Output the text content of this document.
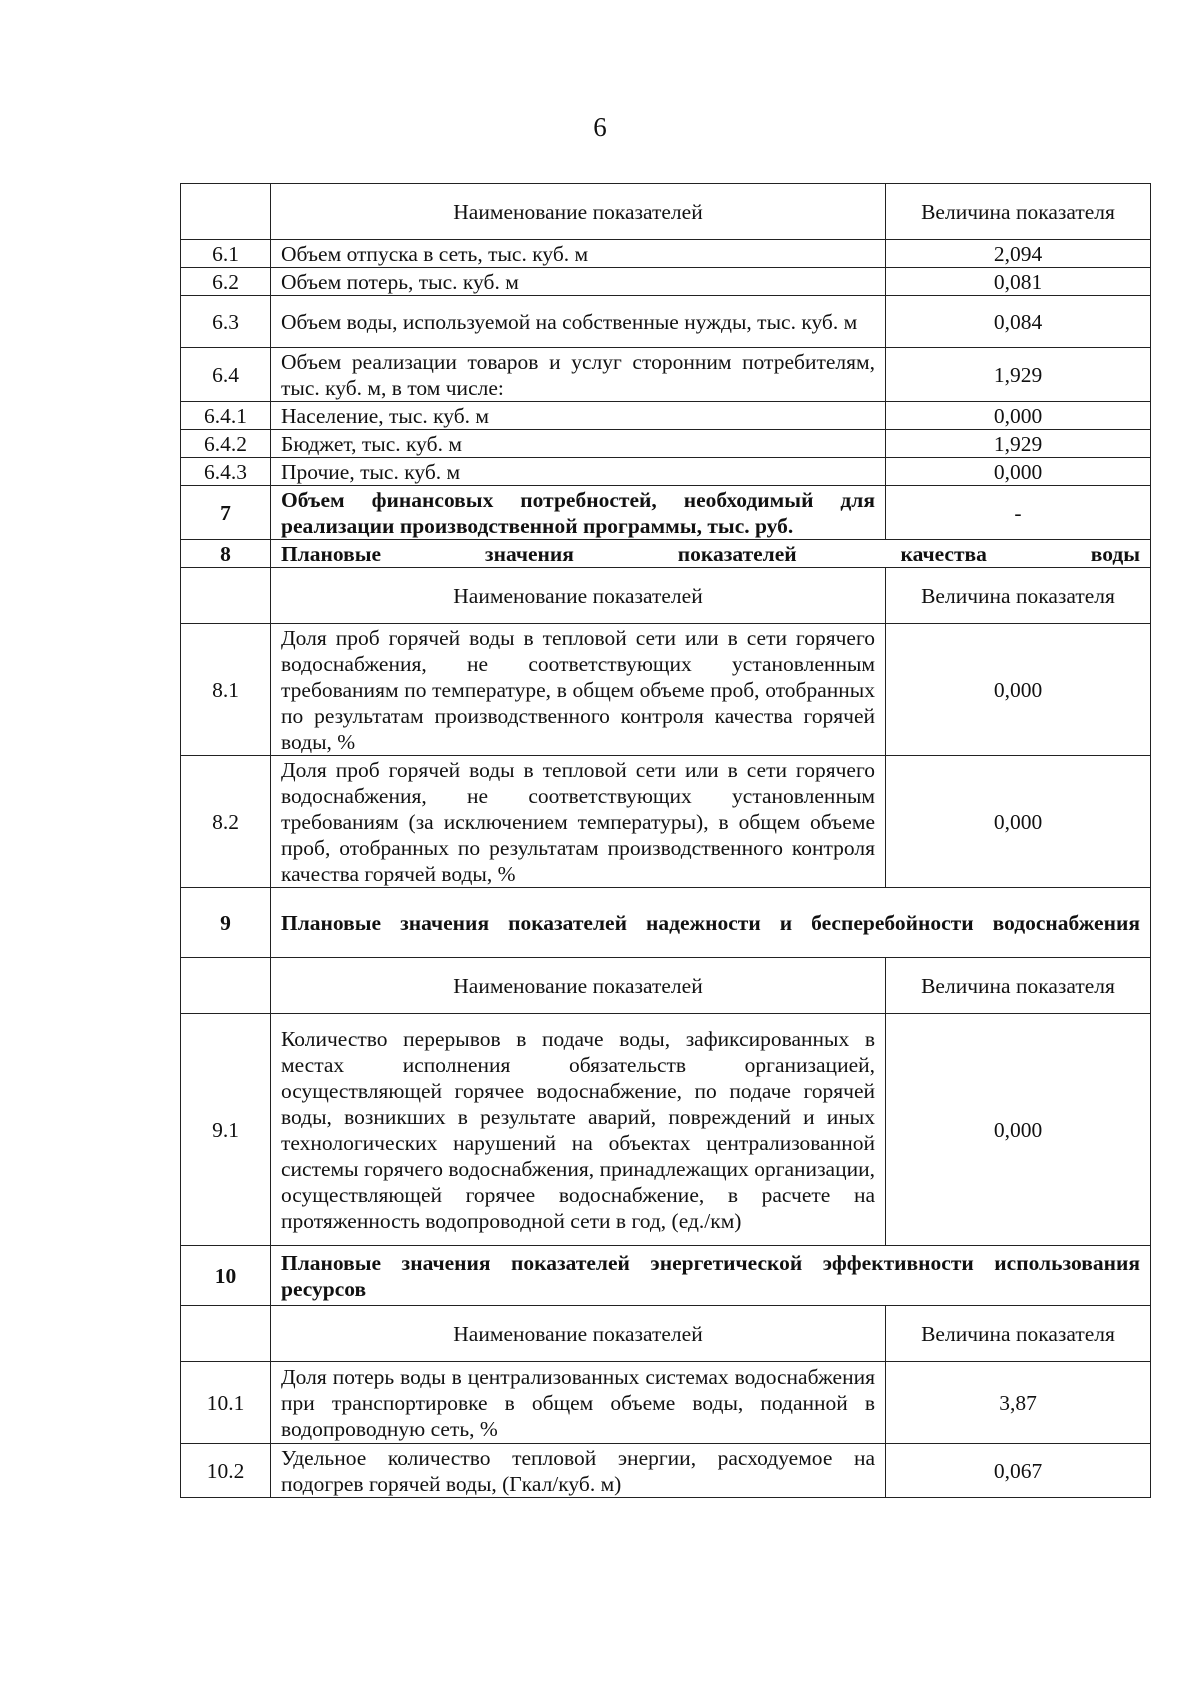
6
	Наименование показателей	Величина показателя
6.1	Объем отпуска в сеть, тыс. куб. м	2,094
6.2	Объем потерь, тыс. куб. м	0,081
6.3	Объем воды, используемой на собственные нужды, тыс. куб. м	0,084
6.4	Объем реализации товаров и услуг сторонним потребителям, тыс. куб. м, в том числе:	1,929
6.4.1	Население, тыс. куб. м	0,000
6.4.2	Бюджет, тыс. куб. м	1,929
6.4.3	Прочие, тыс. куб. м	0,000
7	Объем финансовых потребностей, необходимый для реализации производственной программы, тыс. руб.	-
8	Плановые значения показателей качества воды	
	Наименование показателей	Величина показателя
8.1	Доля проб горячей воды в тепловой сети или в сети горячего водоснабжения, не соответствующих установленным требованиям по температуре, в общем объеме проб, отобранных по результатам производственного контроля качества горячей воды, %	0,000
8.2	Доля проб горячей воды в тепловой сети или в сети горячего водоснабжения, не соответствующих установленным требованиям (за исключением температуры), в общем объеме проб, отобранных по результатам производственного контроля качества горячей воды, %	0,000
9	Плановые значения показателей надежности и бесперебойности водоснабжения	
	Наименование показателей	Величина показателя
9.1	Количество перерывов в подаче воды, зафиксированных в местах исполнения обязательств организацией, осуществляющей горячее водоснабжение, по подаче горячей воды, возникших в результате аварий, повреждений и иных технологических нарушений на объектах централизованной системы горячего водоснабжения, принадлежащих организации, осуществляющей горячее водоснабжение, в расчете на протяженность водопроводной сети в год, (ед./км)	0,000
10	Плановые значения показателей энергетической эффективности использования ресурсов	
	Наименование показателей	Величина показателя
10.1	Доля потерь воды в централизованных системах водоснабжения при транспортировке в общем объеме воды, поданной в водопроводную сеть, %	3,87
10.2	Удельное количество тепловой энергии, расходуемое на подогрев горячей воды, (Гкал/куб. м)	0,067
